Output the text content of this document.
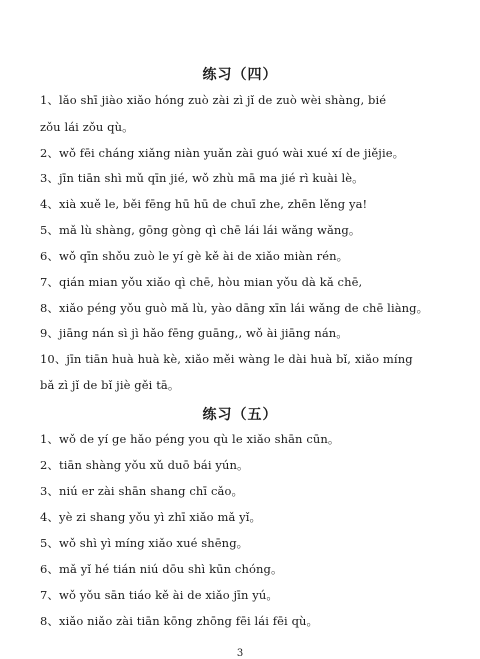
练习（四）
1、lǎo shī jiào xiǎo hóng zuò zài zì jǐ de zuò wèi shàng, bié
zǒu lái zǒu qù。
2、wǒ fēi cháng xiǎng niàn yuǎn zài guó wài xué xí de jiějie。
3、jīn tiān shì mǔ qīn jié, wǒ zhù mā ma jié rì kuài lè。
4、xià xuě le, běi fēng hū hū de chuī zhe, zhēn lěng ya!
5、mǎ lù shàng, gōng gòng qì chē lái lái wǎng wǎng。
6、wǒ qīn shǒu zuò le yí gè kě ài de xiǎo miàn rén。
7、qián mian yǒu xiǎo qì chē, hòu mian yǒu dà kǎ chē,
8、xiǎo péng yǒu guò mǎ lù, yào dāng xīn lái wǎng de chē liàng。
9、jiāng nán sì jì hǎo fēng guāng,, wǒ ài jiāng nán。
10、jīn tiān huà huà kè, xiǎo měi wàng le dài huà bǐ, xiǎo míng
bǎ zì jǐ de bǐ jiè gěi tā。
练习（五）
1、wǒ de yí ge hǎo péng you qù le xiǎo shān cūn。
2、tiān shàng yǒu xǔ duō bái yún。
3、niú er zài shān shang chī cǎo。
4、yè zi shang yǒu yì zhī xiǎo mǎ yǐ。
5、wǒ shì yì míng xiǎo xué shēng。
6、mǎ yǐ hé tián niú dōu shì kūn chóng。
7、wǒ yǒu sān tiáo kě ài de xiǎo jīn yú。
8、xiǎo niǎo zài tiān kōng zhōng fēi lái fēi qù。
3
